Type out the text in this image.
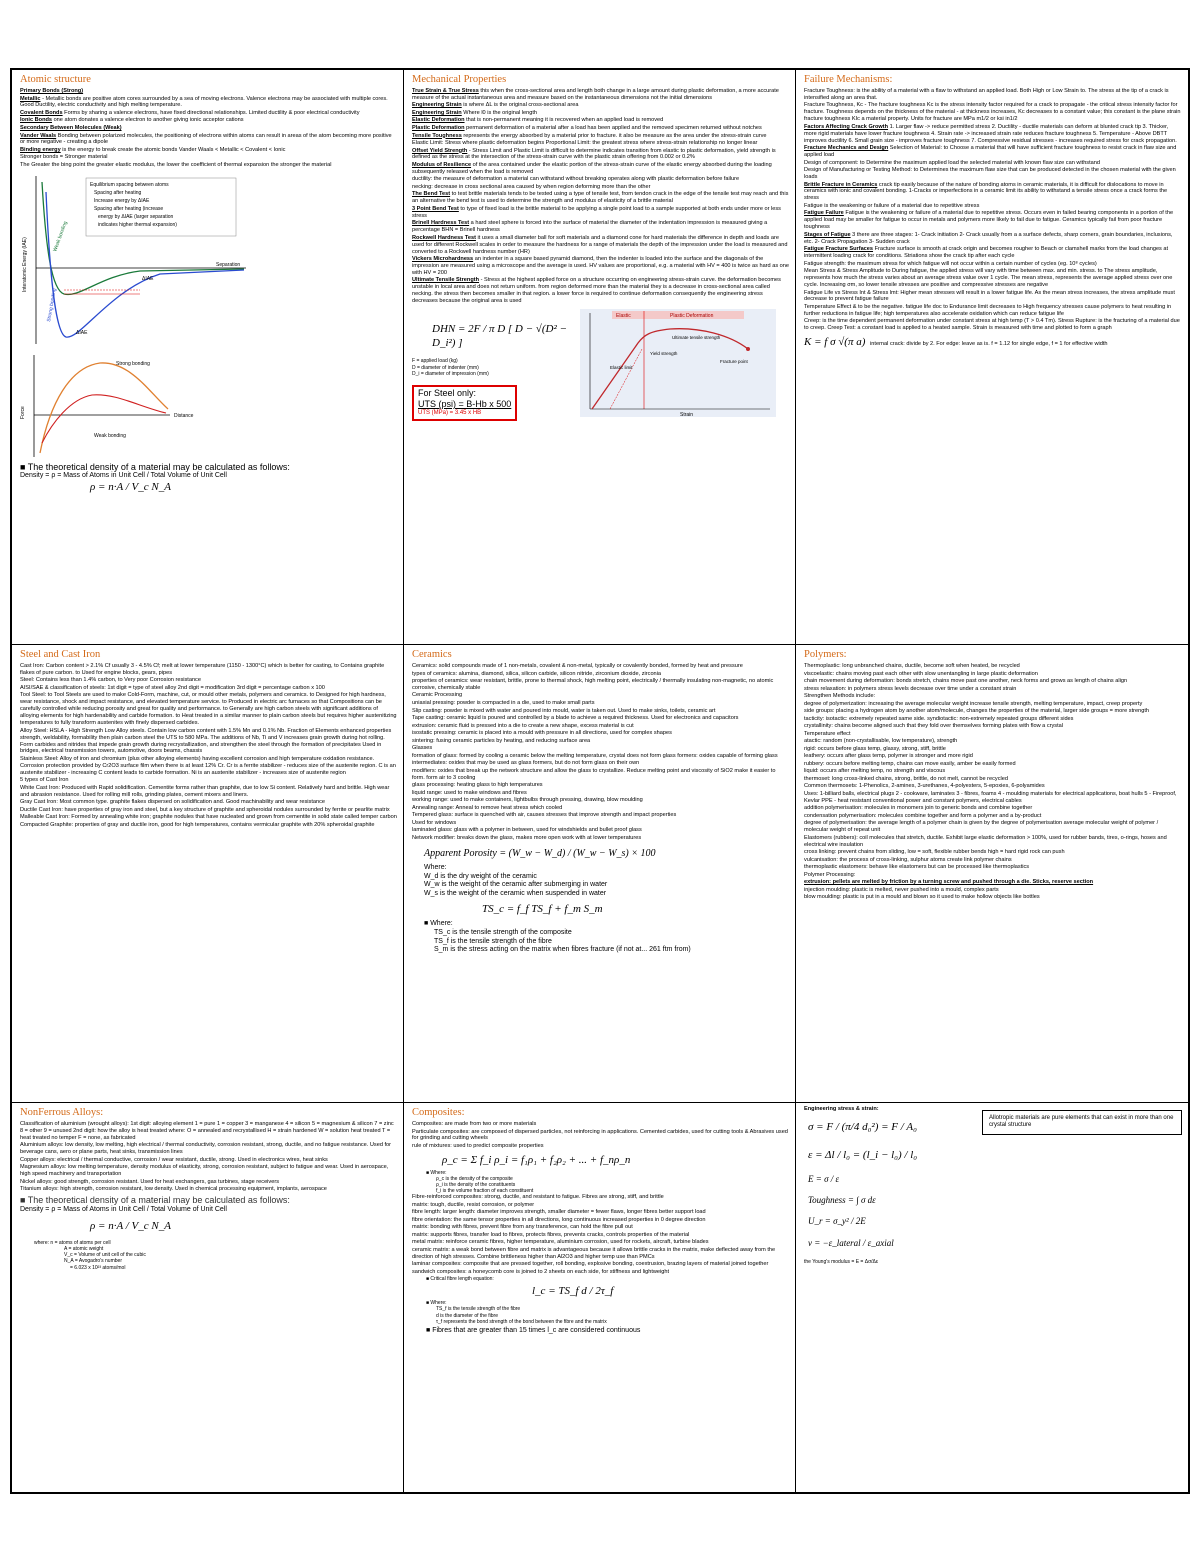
Atomic structure

Primary Bonds (Strong)

Metallic - Metallic bonds are positive atom cores surrounded by a sea of moving electrons. Valence electrons may be associated with multiple cores. Good Ductility, electric conductivity and high melting temperature.

Covalent Bonds Forms by sharing a valence electrons, have fixed directional relationships. Limited ductility & poor electrical conductivity

Ionic Bonds one atom donates a valence electron to another giving ionic acceptor cations

Secondary Between Molecules (Weak)

Vander Waals Bonding between polarized molecules, the positioning of electrons within atoms can result in areas of the atom becoming more positive or more negative - creating a dipole

Binding energy is the energy to break create the atomic bonds Vander Waals < Metallic < Covalent < Ionic

Stronger bonds = Stronger material

The Greater the bing point the greater elastic modulus, the lower the coefficient of thermal expansion the stronger the material

Interatomic Energy (IAE)	Separation
Equilibrium spacing between atoms
Spacing after heating
Increase energy by ΔIAE
Spacing after heating (increase
energy by ΔIAE (larger separation
indicates higher thermal expansion)
Weak bonding
Strong bonding
ΔIAE
ΔIAE
Force
Strong bonding
Weak bonding
Distance
■ The theoretical density of a material may be calculated as follows:
Density = ρ = Mass of Atoms in Unit Cell / Total Volume of Unit Cell
ρ = n·A / V_c N_A
Mechanical Properties

True Strain & True Stress this when the cross-sectional area and length both change in a large amount during plastic deformation, a more accurate measure of the actual instantaneous area and measure based on the instantaneous dimensions not the initial dimensions

Engineering Strain is where ΔL is the original cross-sectional area

Engineering Strain Where l0 is the original length

Elastic Deformation that is non-permanent meaning it is recovered when an applied load is removed

Plastic Deformation permanent deformation of a material after a load has been applied and the removed specimen returned without notches

Tensile Toughness represents the energy absorbed by a material prior to fracture. it also be measure as the area under the stress-strain curve

Elastic Limit: Stress where plastic deformation begins Proportional Limit: the greatest stress where stress-strain relationship no longer linear

Offset Yield Strength - Stress Limit and Plastic Limit is difficult to determine indicates transition from elastic to plastic deformation, yield strength is defined as the stress at the intersection of the stress-strain curve with the plastic strain offering from 0.002 or 0.2%

Modulus of Resilience of the area contained under the elastic portion of the stress-strain curve of the elastic energy absorbed during the loading subsequently released when the load is removed

ductility: the measure of deformation a material can withstand without breaking operates along with plastic deformation before failure

necking: decrease in cross sectional area caused by when region deforming more than the other

The Bend Test to test brittle materials tends to be tested using a type of tensile test, from tendon crack in the edge of the tensile test may reach and this an alternative the bend test is used to determine the strength and modulus of elasticity of a brittle material

3 Point Bend Test to type of fixed load is the brittle material to be applying a single point load to a sample supported at both ends under more or less stress

Brinell Hardness Test a hard steel sphere is forced into the surface of material the diameter of the indentation impression is measured giving a percentage BHN = Brinell hardness

Rockwell Hardness Test it uses a small diameter ball for soft materials and a diamond cone for hard materials the difference in depth and loads are used for different Rockwell scales in order to measure the hardness for a range of materials the depth of the impression under the load is measured and converted to a Rockwell hardness number (HR)

Vickers Microhardness an indenter in a square based pyramid diamond, then the indenter is loaded into the surface and the diagonals of the impression are measured using a microscope and the average is used. HV values are proportional, e.g. a material with HV = 400 is twice as hard as one with HV = 200

Ultimate Tensile Strength - Stress at the highest applied force on a structure occurring on engineering stress-strain curve. the deformation becomes unstable in local area and does not return uniform. from region deformed more than the material they is a decrease in cross-sectional area called necking. the stress then becomes smaller in that region. a lower force is required to continue deformation consequently the engineering stress decreases because the original area is used

DHN = 2F / π D [ D − √(D² − D_i²) ]
F = applied load (kg)
D = diameter of indenter (mm)
D_i = diameter of impression (mm)
For Steel only:
UTS (psi) = B-Hb x 500
UTS (MPa) = 3.45 x HB
Elastic	Plastic Deformation
Ultimate tensile strength
Yield strength
Fracture point
Elastic limit
Strain
Failure Mechanisms:

Fracture Toughness: is the ability of a material with a flaw to withstand an applied load. Both High or Low Strain to. The stress at the tip of a crack is intensified along an area that.

Fracture Toughness, Kc - The fracture toughness Kc is the stress intensity factor required for a crack to propagate - the critical stress intensity factor for fracture. Toughness depends on the thickness of the material - at thickness increases, Kc decreases to a constant value; this constant is the plane strain fracture toughness KIc a material property. Units for fracture are MPa m1/2 or ksi in1/2

Factors Affecting Crack Growth 1. Larger flaw -> reduce permitted stress 2. Ductility - ductile materials can deform at blunted crack tip 3. Thicker, more rigid materials have lower fracture toughness 4. Strain rate -> increased strain rate reduces fracture toughness 5. Temperature - Above DBTT improves ductility 6. Small grain size - improves fracture toughness 7. Compressive residual stresses - increases required stress for crack propagation.

Fracture Mechanics and Design Selection of Material: to Choose a material that will have sufficient fracture toughness to resist crack in flaw size and applied load

Design of component: to Determine the maximum applied load the selected material with known flaw size can withstand

Design of Manufacturing or Testing Method: to Determines the maximum flaw size that can be produced detected in the chosen material with the given loads

Brittle Fracture in Ceramics crack tip easily because of the nature of bonding atoms in ceramic materials, it is difficult for dislocations to move in ceramics with ionic and covalent bonding. 1-Cracks or imperfections in a ceramic limit its ability to withstand a tensile stress once a crack forms the stress

Fatigue is the weakening or failure of a material due to repetitive stress

Fatigue Failure Fatigue is the weakening or failure of a material due to repetitive stress. Occurs even in failed bearing components in a portion of the applied load may be smaller for fatigue to occur in metals and polymers more likely to fail due to fatigue. Ceramics typically fail from poor fracture toughness

Stages of Fatigue 3 there are three stages: 1- Crack initiation 2- Crack usually from a a surface defects, sharp corners, grain boundaries, inclusions, etc. 2- Crack Propagation 3- Sudden crack

Fatigue Fracture Surfaces Fracture surface is smooth at crack origin and becomes rougher to Beach or clamshell marks from the load changes at intermittent loading crack for conditions. Striations show the crack tip after each cycle

Fatigue strength: the maximum stress for which fatigue will not occur within a certain number of cycles (eg. 10⁸ cycles)

Mean Stress & Stress Amplitude to During fatigue, the applied stress will vary with time between max. and min. stress. to The stress amplitude, represents how much the stress varies about an average stress value over 1 cycle. The mean stress, represents the average applied stress over one cycle. Increasing σm, so lower tensile stresses are positive and compressive stresses are negative

Fatigue Life vs Stress Int & Stress lmt: Higher mean stresses will result in a lower fatigue life. As the mean stress increases, the stress amplitude must decrease to prevent fatigue failure

Temperature Effect & to be the negative. fatigue life doc to Endurance limit decreases to High frequency stresses cause polymers to heat resulting in further reductions in fatigue life; high temperatures also accelerate oxidation which can reduce fatigue life

Creep: is the time dependent permanent deformation under constant stress at high temp (T > 0.4 Tm). Stress Rupture: is the fracturing of a material due to creep. Creep Test: a constant load is applied to a heated sample. Strain is measured with time and plotted to form a graph

K = f σ √(π a) internal crack: divide by 2. For edge: leave as is. f = 1.12 for single edge, f = 1 for effective width

Steel and Cast Iron

Cast Iron: Carbon content > 2.1% Cf usually 3 - 4.5% Cf; melt at lower temperature (1150 - 1300°C) which is better for casting, to Contains graphite flakes of pure carbon. to Used for engine blocks, gears, pipes

Steel: Contains less than 1.4% carbon, to Very poor Corrosion resistance

AISI/SAE & classification of steels: 1st digit = type of steel alloy 2nd digit = modification 3rd digit = percentage carbon x 100

Tool Steel: to Tool Steels are used to make Cold-Form, machine, cut, or mould other metals, polymers and ceramics. to Designed for high hardness, wear resistance, shock and impact resistance, and elevated temperature service. to Produced in electric arc furnaces so that Compositions can be carefully controlled while reducing porosity and great for quality and performance. to Generally are high carbon steels with significant additions of alloying elements for high hardenability and carbide formation. to Heat treated in a similar manner to plain carbon steels but requires higher austenitizing temperatures to fully transform austenites with finely dispersed carbides.

Alloy Steel: HSLA - High Strength Low Alloy steels. Contain low carbon content with 1.5% Mn and 0.1% Nb. Fraction of Elements enhanced properties strength, weldability, formability then plain carbon steel the UTS to 580 MPa. The additions of Nb, Ti and V increases grain growth during hot rolling. Form carbides and nitrides that impede grain growth during recrystallization, and strengthen the steel through the formation of precipitates Used in bridges, electrical transmission towers, automotive, doors beams, chassis

Stainless Steel: Alloy of iron and chromium (plus other alloying elements) having excellent corrosion and high temperature oxidation resistance. Corrosion protection provided by Cr2O3 surface film when there is at least 12% Cr. Cr is a ferrite stabilizer - reduces size of the austenite region. C is an austenite stabilizer - increasing C content leads to carbide formation. Ni is an austenite stabilizer - increases size of austenite region

5 types of Cast Iron

White Cast Iron: Produced with Rapid solidification. Cementite forms rather than graphite, due to low Si content. Relatively hard and brittle. High wear and abrasion resistance. Used for rolling mill rolls, grinding plates, cement mixers and liners.

Gray Cast Iron: Most common type. graphite flakes dispersed on solidification and. Good machinability and wear resistance

Ductile Cast Iron: have properties of gray iron and steel, but a key structure of graphite and spheroidal nodules surrounded by ferrite or pearlite matrix

Malleable Cast Iron: Formed by annealing white iron; graphite nodules that have nucleated and grown from cementite in solid state called temper carbon

Compacted Graphite: properties of gray and ductile iron, good for high temperatures, contains vermicular graphite with 20% spheroidal graphite

Ceramics

Ceramics: solid compounds made of 1 non-metals, covalent & non-metal, typically or covalently bonded, formed by heat and pressure

types of ceramics: alumina, diamond, silica, silicon carbide, silicon nitride, zirconium dioxide, zirconia

properties of ceramics: wear resistant, brittle, prone to thermal shock, high melting point, electrically / thermally insulating non-magnetic, no atomic corrosive, chemically stable

Ceramic Processing

uniaxial pressing: powder is compacted in a die, used to make small parts

Slip casting: powder is mixed with water and poured into mould, water is taken out. Used to make sinks, toilets, ceramic art

Tape casting: ceramic liquid is poured and controlled by a blade to achieve a required thickness. Used for electronics and capacitors

extrusion: ceramic fluid is pressed into a die to create a new shape, excess material is cut

isostatic pressing: ceramic is placed into a mould with pressure in all directions, used for complex shapes

sintering: fusing ceramic particles by heating, and reducing surface area

Glasses

formation of glass: formed by cooling a ceramic below the melting temperature, crystal does not form glass formers: oxides capable of forming glass

intermediates: oxides that may be used as glass formers, but do not form glass on their own

modifiers: oxides that break up the network structure and allow the glass to crystallize. Reduce melting point and viscosity of SiO2 make it easier to form. form air to 3 cooling

glass processing: heating glass to high temperatures

liquid range: used to make windows and fibres

working range: used to make containers, lightbulbs through pressing, drawing, blow moulding

Annealing range: Anneal to remove heat stress which cooled

Tempered glass: surface is quenched with air, causes stresses that improve strength and impact properties

Used for windows

laminated glass: glass with a polymer in between, used for windshields and bullet proof glass

Network modifier: breaks down the glass, makes more open work with at lower temperatures

Apparent Porosity = (W_w − W_d) / (W_w − W_s) × 100
Where:
W_d is the dry weight of the ceramic
W_w is the weight of the ceramic after submerging in water
W_s is the weight of the ceramic when suspended in water
TS_c = f_f TS_f + f_m S_m
■ Where:
TS_c is the tensile strength of the composite
TS_f is the tensile strength of the fibre
S_m is the stress acting on the matrix when fibres fracture (if not at... 261 ftm from)
Polymers:

Thermoplastic: long unbranched chains, ductile, become soft when heated, be recycled

viscoelastic: chains moving past each other with slow unentangling in large plastic deformation

chain movement during deformation: bonds stretch, chains move past one another, neck forms and grows as length of chains align

stress relaxation: in polymers stress levels decrease over time under a constant strain

Strengthen Methods include:

degree of polymerization: increasing the average molecular weight increase tensile strength, melting temperature, impact, creep property

side groups: placing a hydrogen atom by another atom/molecule, changes the properties of the material, larger side groups = more strength

tacticity: isotactic: extremely repeated same side. syndiotactic: non-extremely repeated groups different sides

crystallinity: chains become aligned such that they fold over themselves forming plates with flow a crystal

Temperature effect

atactic: random (non-crystallisable, low temperature), strength

rigid: occurs before glass temp, glassy, strong, stiff, brittle

leathery: occurs after glass temp, polymer is stronger and more rigid

rubbery: occurs before melting temp, chains can move easily, amber be easily formed

liquid: occurs after melting temp, no strength and viscous

thermoset: long cross-linked chains, strong, brittle, do not melt, cannot be recycled

Common thermosets: 1-Phenolics, 2-amines, 3-urethanes, 4-polyesters, 5-epoxies, 6-polyamides

Uses: 1-billiard balls, electrical plugs 2 - cookware, laminates 3 - fibres, foams 4 - moulding materials for electrical applications, boat hulls 5 - Fireproof, Kevlar PPE - heat resistant conventional power and constant polymers, electrical cables

addition polymerisation: molecules in monomers join to generic bonds and combine together

condensation polymerisation: molecules combine together and form a polymer and a by-product

degree of polymerisation: the average length of a polymer chain is given by the degree of polymerisation average molecular weight of polymer / molecular weight of repeat unit

Elastomers (rubbers): coil molecules that stretch, ductile. Exhibit large elastic deformation > 100%, used for rubber bands, tires, o-rings, hoses and electrical wire insulation

cross linking: prevent chains from sliding, low = soft, flexible rubber bends high = hard rigid rock can push

vulcanisation: the process of cross-linking, sulphur atoms create link polymer chains

thermoplastic elastomers: behave like elastomers but can be processed like thermoplastics

Polymer Processing:

extrusion: pellets are melted by friction by a turning screw and pushed through a die. Sticks, reserve section

injection moulding: plastic is melted, never pushed into a mould, complex parts

blow moulding: plastic is put in a mould and blown so it used to make hollow objects like bottles

NonFerrous Alloys:

Classification of aluminium (wrought alloys): 1st digit: alloying element 1 = pure 1 = copper 3 = manganese 4 = silicon 5 = magnesium & silicon 7 = zinc 8 = other 9 = unused 2nd digit: how the alloy is heat treated where: O = annealed and recrystallised H = strain hardened W = solution heat treated T = heat treated no temper F = none, as fabricated

Aluminium alloys: low density, low melting, high electrical / thermal conductivity, corrosion resistant, strong, ductile, and no fatigue resistance. Used for beverage cans, aero or plane parts, heat sinks, transmission lines

Copper alloys: electrical / thermal conductive, corrosion / wear resistant, ductile, strong. Used in electronics wires, heat sinks

Magnesium alloys: low melting temperature, density modulus of elasticity, strong, corrosion resistant, subject to fatigue and wear. Used in aerospace, high speed machinery and transportation

Nickel alloys: good strength, corrosion resistant. Used for heat exchangers, gas turbines, stage receivers

Titanium alloys: high strength, corrosion resistant, low density. Used in chemical processing equipment, implants, aerospace

■ The theoretical density of a material may be calculated as follows:
Density = ρ = Mass of Atoms in Unit Cell / Total Volume of Unit Cell
ρ = n·A / V_c N_A
where: n = atoms of atoms per cell
A = atomic weight
V_c = Volume of unit cell of the cubic
N_A = Avogadro's number
= 6.023 x 10²³ atoms/mol
Composites:

Composites: are made from two or more materials

Particulate composites: are composed of dispersed particles, not reinforcing in applications. Cemented carbides, used for cutting tools & Abrasives used for grinding and cutting wheels

rule of mixtures: used to predict composite properties

ρ_c = Σ f_i ρ_i = f₁ρ₁ + f₂ρ₂ + ... + f_nρ_n
■ Where:
ρ_c is the density of the composite
ρ_i is the density of the constituents
f_i is the volume fraction of each constituent

Fibre-reinforced composites: strong, ductile, and resistant to fatigue. Fibres are strong, stiff, and brittle

matrix: tough, ductile, resist corrosion, or polymer

fibre length: larger length: diameter improves strength, smaller diameter = fewer flaws, longer fibres better support load

fibre orientation: the same tensor properties in all directions, long continuous increased properties in 0 degree direction

matrix: bonding with fibres, prevent fibre from any transference, can hold the fibre pull out

matrix: supports fibres, transfer load to fibres, protects fibres, prevents cracks, controls properties of the material

metal matrix: reinforce ceramic fibres, higher temperature, aluminium corrosion, used for rockets, aircraft, turbine blades

ceramic matrix: a weak bond between fibre and matrix is advantageous because it allows brittle cracks in the matrix, make deflected away from the direction of high stresses. Combine brittleness higher than Al2O3 and higher temp use than PMCs

laminar composites: composite that are pressed together, roll bonding, explosive bonding, coextrusion, brazing layers of material joined together

sandwich composites: a honeycomb core is joined to 2 sheets on each side, for stiffness and lightweight

■ Critical fibre length equation:
l_c = TS_f d / 2τ_f
■ Where:
TS_f is the tensile strength of the fibre
d is the diameter of the fibre
τ_f represents the bond strength of the bond between the fibre and the matrix
■ Fibres that are greater than 15 times l_c are considered continuous
Engineering stress & strain:
σ = F / (π/4 d₀²) = F / A₀
ε = Δl / l₀ = (l_i − l₀) / l₀
E = σ / ε
Toughness = ∫ σ dε
U_r = σ_y² / 2E
ν = −ε_lateral / ε_axial
the Young's modulus = E = Δσ/Δε
Allotropic materials are pure elements that can exist in more than one crystal structure
